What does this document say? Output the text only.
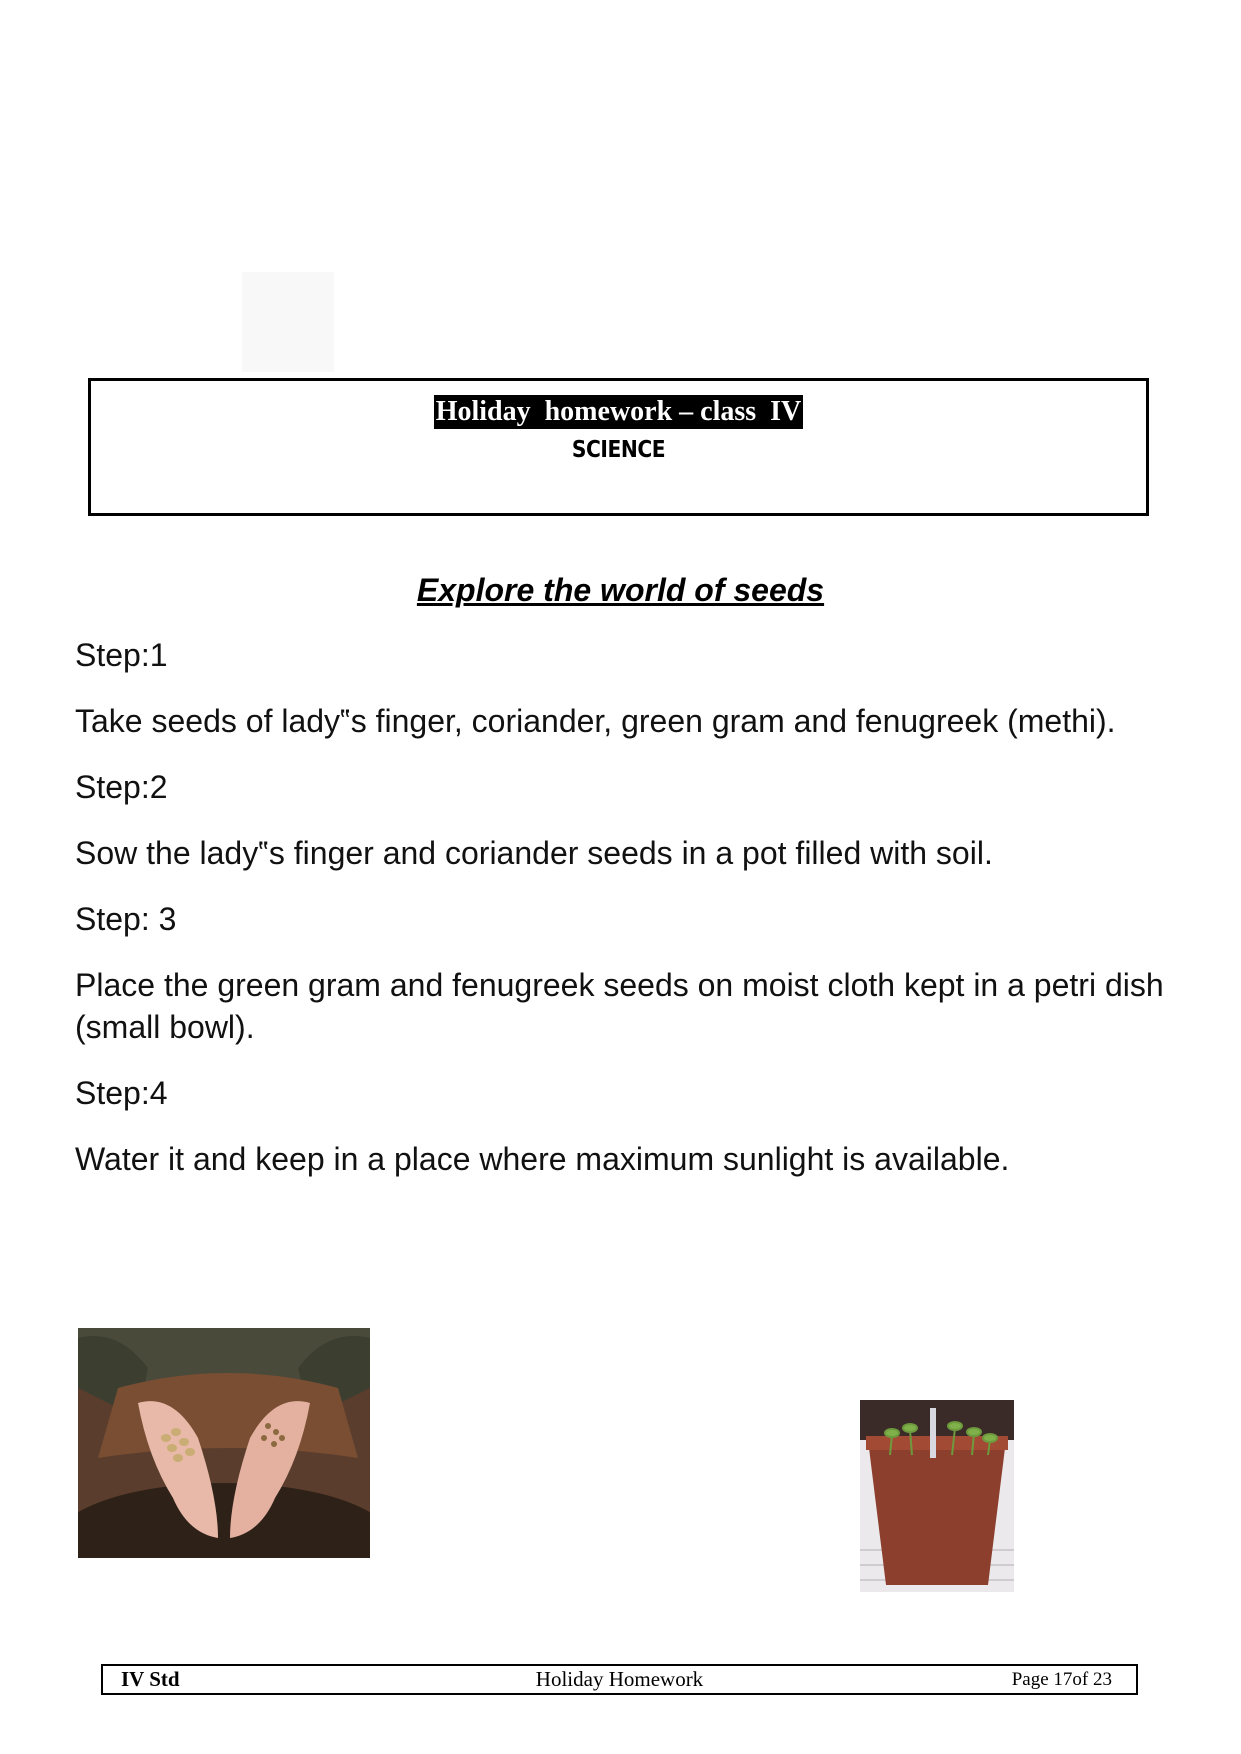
Holiday  homework – class  IV
SCIENCE
Explore the world of seeds

Step:1

Take seeds of lady‟s finger, coriander, green gram and fenugreek (methi).

Step:2

Sow the lady‟s finger and coriander seeds in a pot filled with soil.

Step: 3

Place the green gram and fenugreek seeds on moist cloth kept in a petri dish (small bowl).

Step:4

Water it and keep in a place where maximum sunlight is available.

IV Std	Holiday Homework	Page 17of 23
